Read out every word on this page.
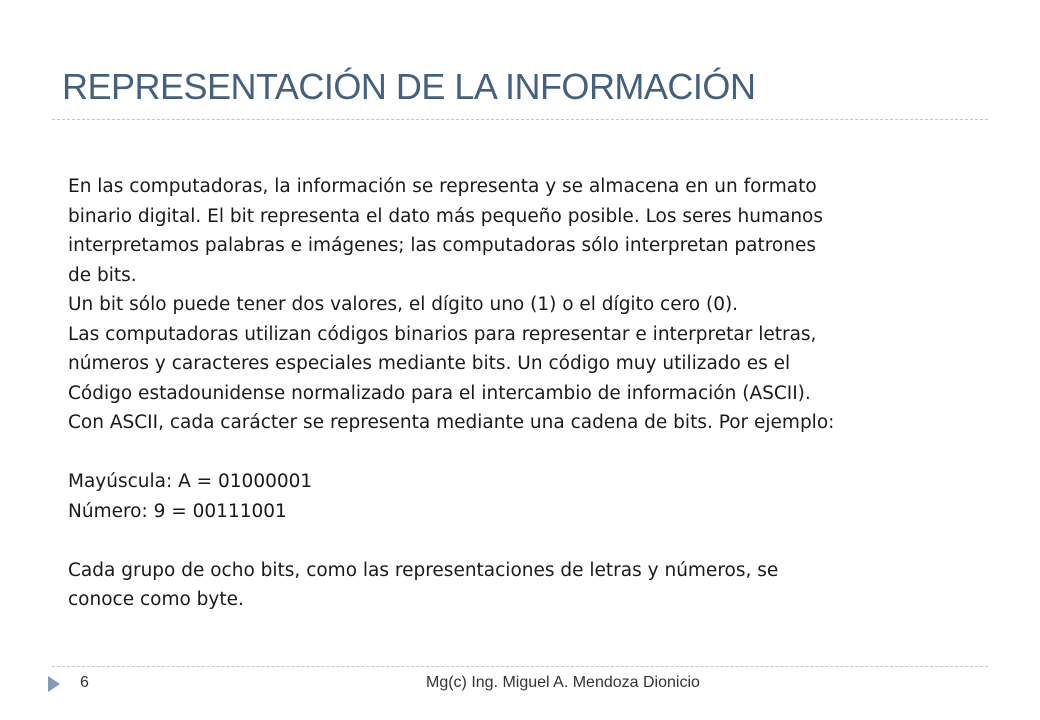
REPRESENTACIÓN DE LA INFORMACIÓN

En las computadoras, la información se representa y se almacena en un formato

binario digital. El bit representa el dato más pequeño posible. Los seres humanos

interpretamos palabras e imágenes; las computadoras sólo interpretan patrones

de bits.

Un bit sólo puede tener dos valores, el dígito uno (1) o el dígito cero (0).

Las computadoras utilizan códigos binarios para representar e interpretar letras,

números y caracteres especiales mediante bits. Un código muy utilizado es el

Código estadounidense normalizado para el intercambio de información (ASCII).

Con ASCII, cada carácter se representa mediante una cadena de bits. Por ejemplo:

Mayúscula: A = 01000001

Número: 9 = 00111001

Cada grupo de ocho bits, como las representaciones de letras y números, se

conoce como byte.

6	Mg(c) Ing. Miguel A. Mendoza Dionicio
